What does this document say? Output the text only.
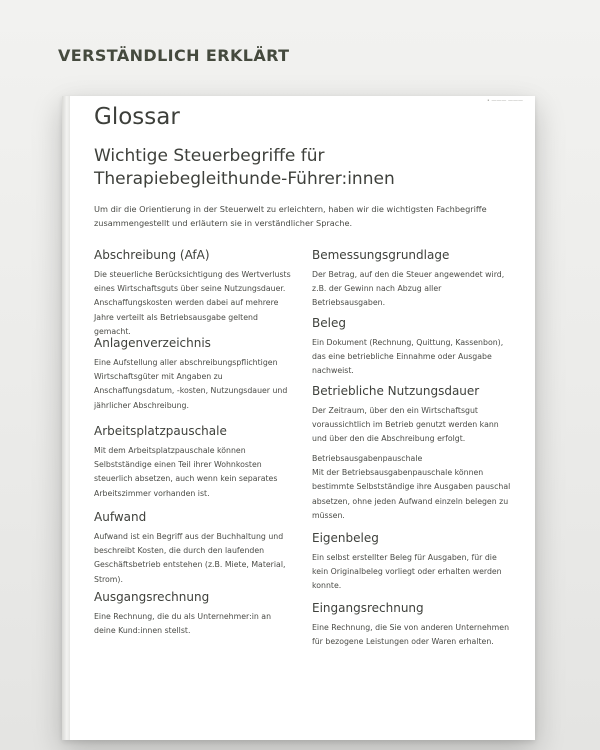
VERSTÄNDLICH ERKLÄRT
• ——— ———
Glossar
Wichtige Steuerbegriffe für Therapiebegleithunde-Führer:innen
Um dir die Orientierung in der Steuerwelt zu erleichtern, haben wir die wichtigsten Fachbegriffe zusammengestellt und erläutern sie in verständlicher Sprache.
Abschreibung (AfA)

Die steuerliche Berücksichtigung des Wertverlusts eines Wirtschaftsguts über seine Nutzungsdauer. Anschaffungskosten werden dabei auf mehrere Jahre verteilt als Betriebsausgabe geltend gemacht.

Anlagenverzeichnis

Eine Aufstellung aller abschreibungspflichtigen Wirtschaftsgüter mit Angaben zu Anschaffungsdatum, -kosten, Nutzungsdauer und jährlicher Abschreibung.

Arbeitsplatzpauschale

Mit dem Arbeitsplatzpauschale können Selbstständige einen Teil ihrer Wohnkosten steuerlich absetzen, auch wenn kein separates Arbeitszimmer vorhanden ist.

Aufwand

Aufwand ist ein Begriff aus der Buchhaltung und beschreibt Kosten, die durch den laufenden Geschäftsbetrieb entstehen (z.B. Miete, Material, Strom).

Ausgangsrechnung

Eine Rechnung, die du als Unternehmer:in an deine Kund:innen stellst.

Bemessungsgrundlage

Der Betrag, auf den die Steuer angewendet wird, z.B. der Gewinn nach Abzug aller Betriebsausgaben.

Beleg

Ein Dokument (Rechnung, Quittung, Kassenbon), das eine betriebliche Einnahme oder Ausgabe nachweist.

Betriebliche Nutzungsdauer

Der Zeitraum, über den ein Wirtschaftsgut voraussichtlich im Betrieb genutzt werden kann und über den die Abschreibung erfolgt.

Betriebsausgabenpauschale

Mit der Betriebsausgabenpauschale können bestimmte Selbstständige ihre Ausgaben pauschal absetzen, ohne jeden Aufwand einzeln belegen zu müssen.

Eigenbeleg

Ein selbst erstellter Beleg für Ausgaben, für die kein Originalbeleg vorliegt oder erhalten werden konnte.

Eingangsrechnung

Eine Rechnung, die Sie von anderen Unternehmen für bezogene Leistungen oder Waren erhalten.
